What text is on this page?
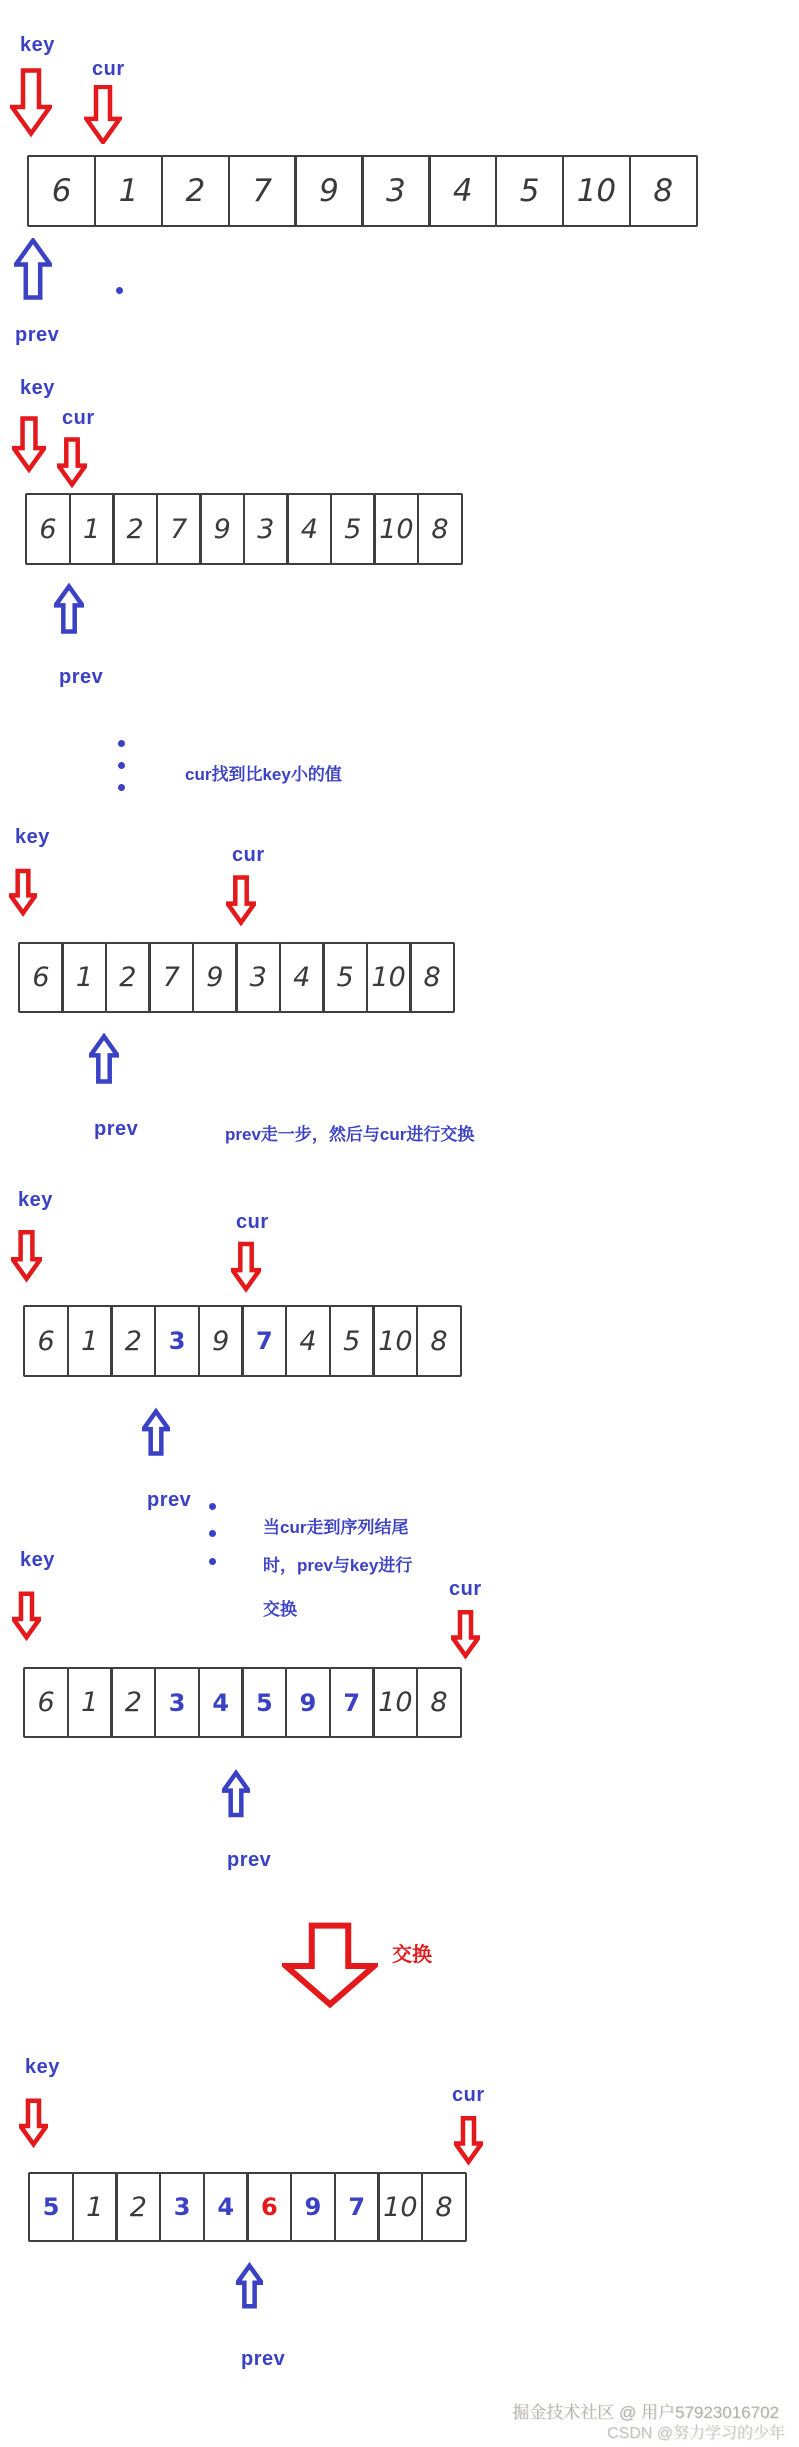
key
cur
6	1	2	7	9	3	4	5	10	8
prev
key
cur
6 1 2 7 9 3 4 5 10 8
prev
cur找到比key小的值
key
cur
6 1 2 7 9 3 4 5 10 8
prev	prev走一步，然后与cur进行交换
key
cur
6 1 2	3 9	7 4 5 10 8
prev
当cur走到序列结尾
时，prev与key进行
交换
key
cur
6 1 2	3	4	5	9	7 10 8
prev
交换
key
cur
5 1 2	3	4	6	9	7 10 8
prev
掘金技术社区 @ 用户57923016702
CSDN @努力学习的少年
